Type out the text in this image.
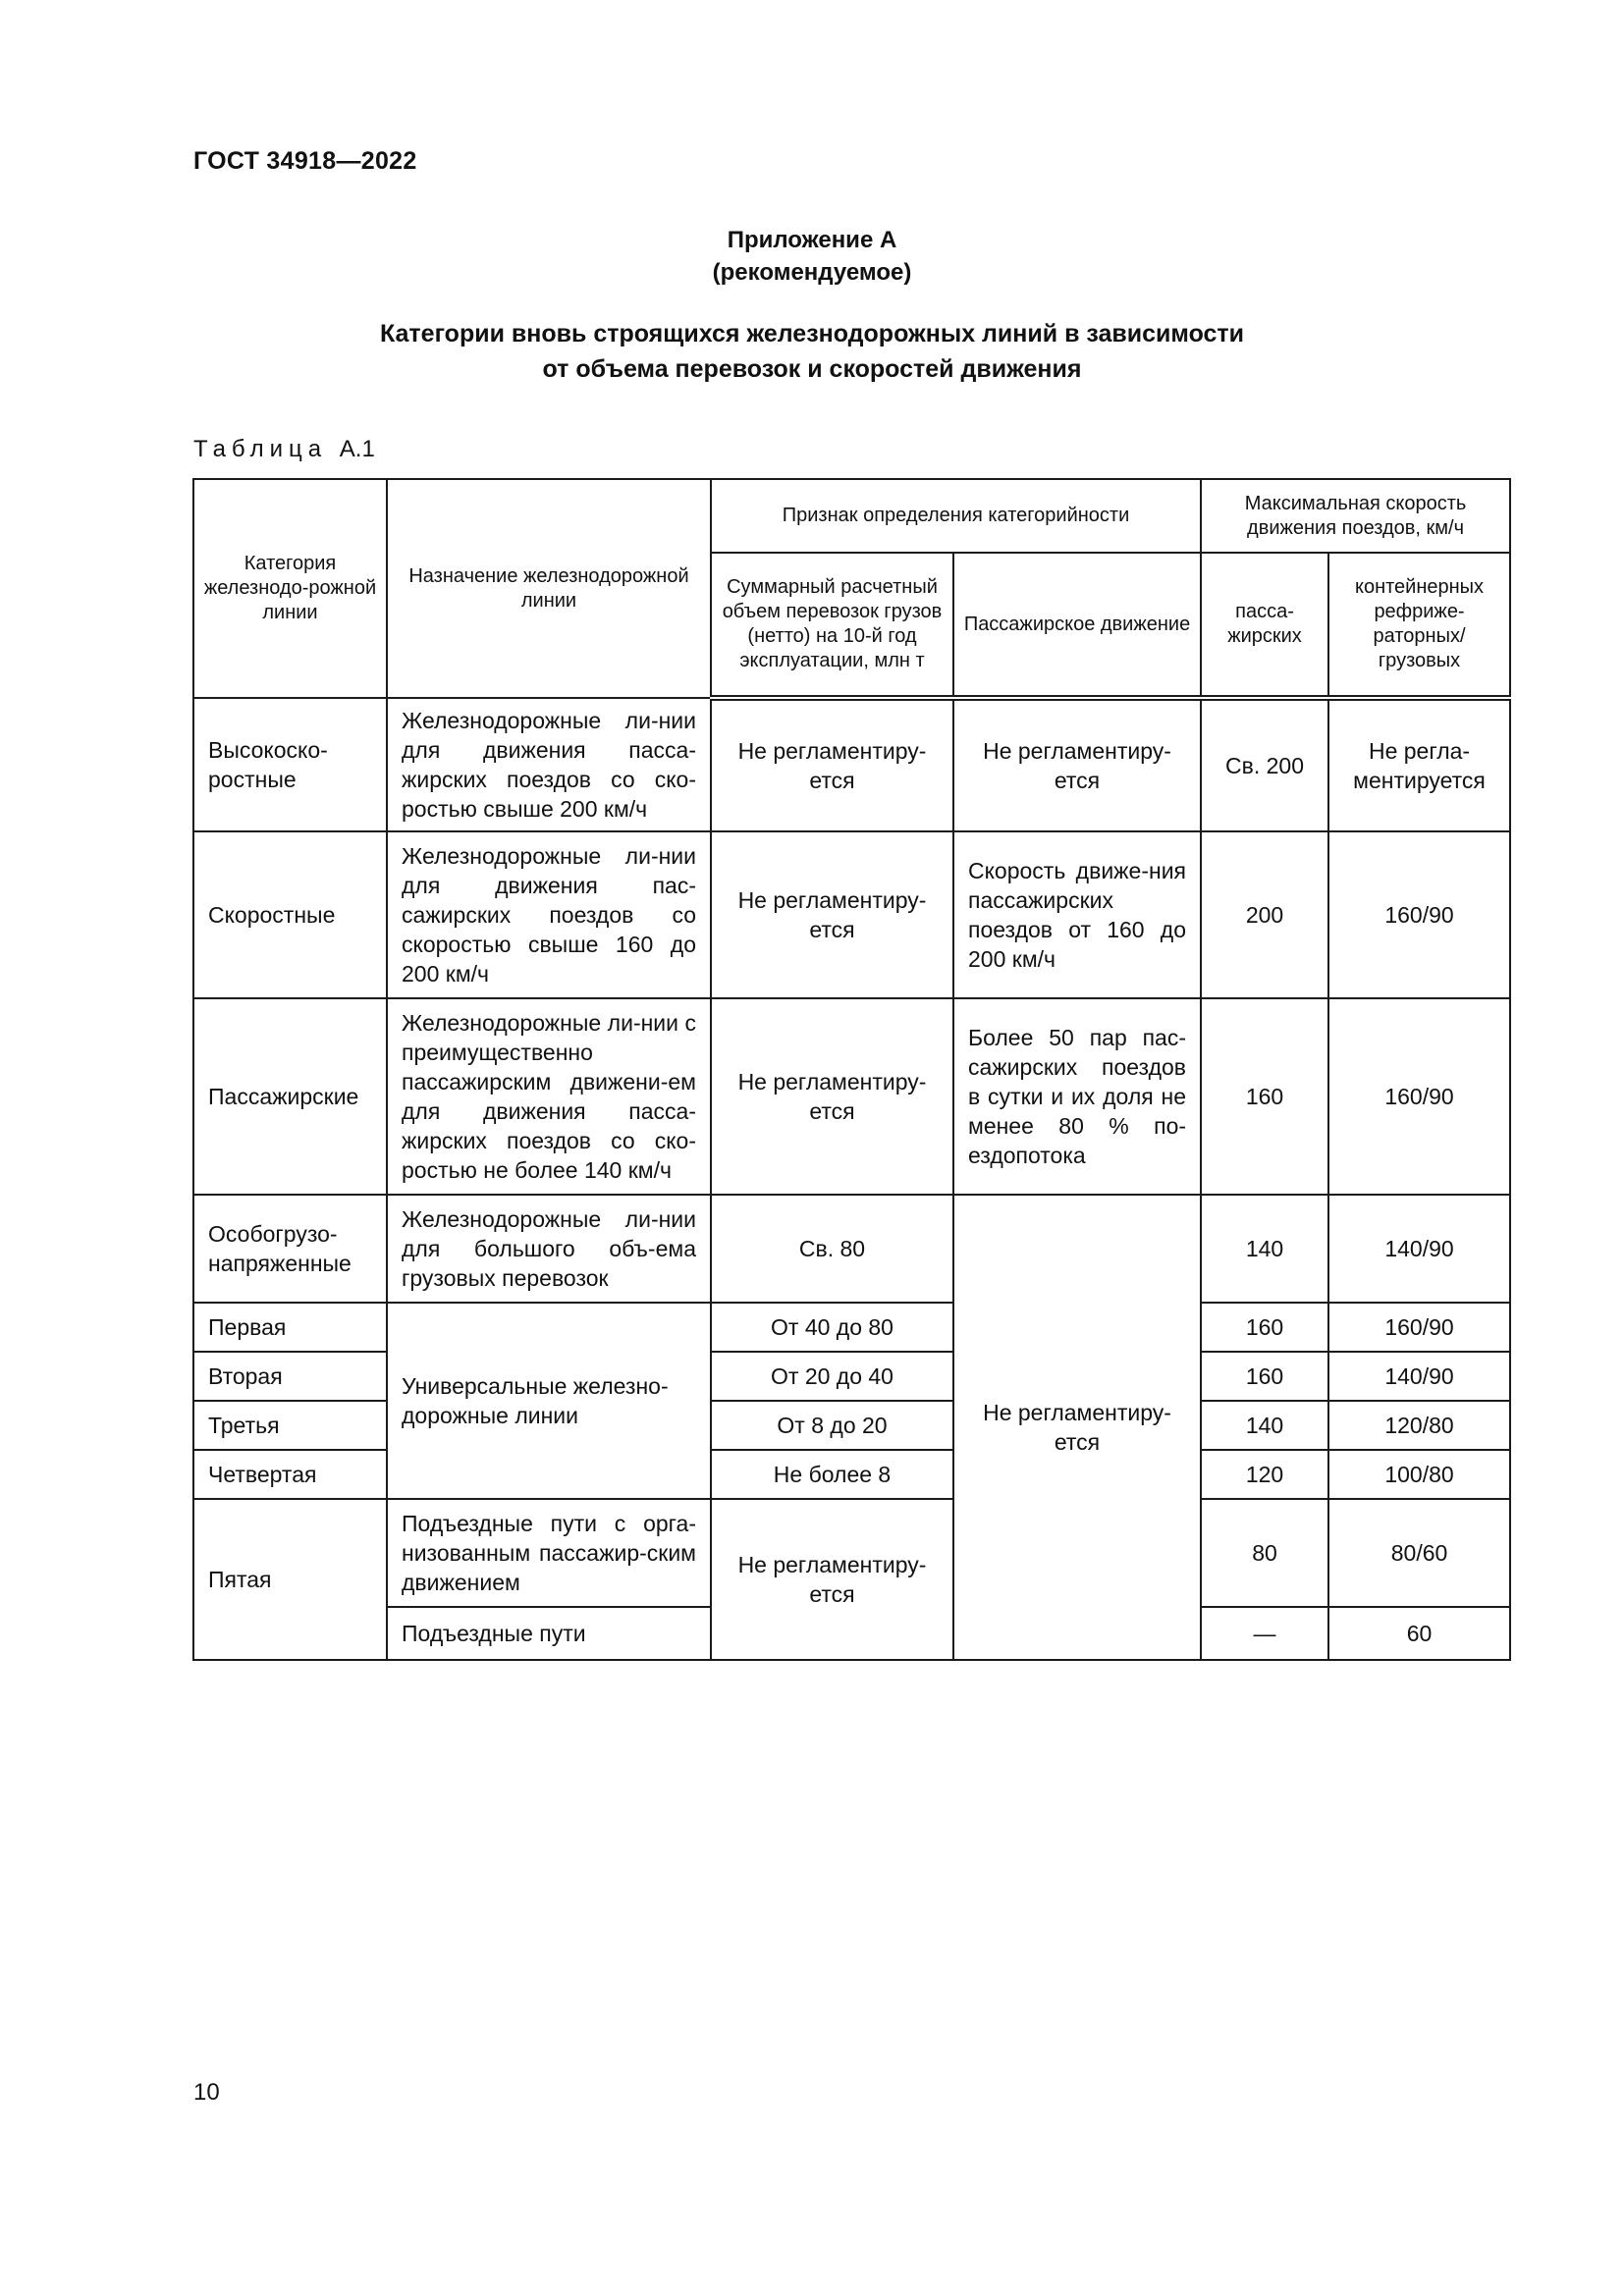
ГОСТ 34918—2022
Приложение А
(рекомендуемое)
Категории вновь строящихся железнодорожных линий в зависимости
от объема перевозок и скоростей движения
Таблица А.1
Категория железнодо-рожной линии	Назначение железнодорожной линии	Признак определения категорийности		Максимальная скорость движения поездов, км/ч	
		Суммарный расчетный объем перевозок грузов (нетто) на 10-й год эксплуатации, млн т	Пассажирское движение	пасса-жирских	контейнерных рефриже-раторных/ грузовых
Высокоско-ростные	Железнодорожные ли-нии для движения пасса-жирских поездов со ско-ростью свыше 200 км/ч	Не регламентиру-ется	Не регламентиру-ется	Св. 200	Не регла-ментируется
Скоростные	Железнодорожные ли-нии для движения пас-сажирских поездов со скоростью свыше 160 до 200 км/ч	Не регламентиру-ется	Скорость движе-ния пассажирских поездов от 160 до 200 км/ч	200	160/90
Пассажирские	Железнодорожные ли-нии с преимущественно пассажирским движени-ем для движения пасса-жирских поездов со ско-ростью не более 140 км/ч	Не регламентиру-ется	Более 50 пар пас-сажирских поездов в сутки и их доля не менее 80 % по-ездопотока	160	160/90
Особогрузо-напряженные	Железнодорожные ли-нии для большого объ-ема грузовых перевозок	Св. 80	Не регламентиру-ется	140	140/90
Первая	Универсальные железно-дорожные линии	От 40 до 80		160	160/90
Вторая		От 20 до 40		160	140/90
Третья		От 8 до 20		140	120/80
Четвертая		Не более 8		120	100/80
Пятая	Подъездные пути с орга-низованным пассажир-ским движением	Не регламентиру-ется		80	80/60
	Подъездные пути			—	60
10
